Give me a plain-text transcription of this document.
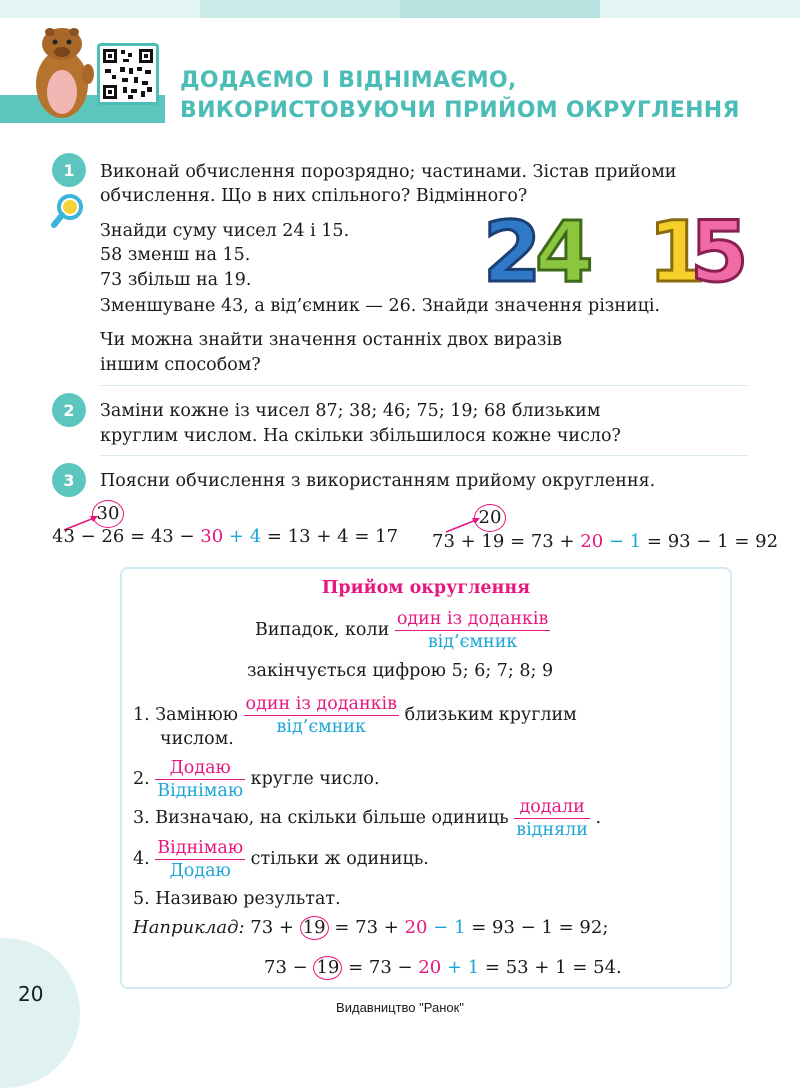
ДОДАЄМО І ВІДНІМАЄМО,
ВИКОРИСТОВУЮЧИ ПРИЙОМ ОКРУГЛЕННЯ
1	Виконай обчислення порозрядно; частинами. Зістав прийоми
обчислення. Що в них спільного? Відмінного?
Знайди суму чисел 24 і 15.
58 зменш на 15.
73 збільш на 19.
Зменшуване 43, а від’ємник — 26. Знайди значення різниці.
Чи можна знайти значення останніх двох виразів
іншим способом?
2
4 1
5
2	Заміни кожне із чисел 87; 38; 46; 75; 19; 68 близьким
круглим числом. На скільки збільшилося кожне число?
3	Поясни обчислення з використанням прийому округлення.
30
43 − 26 = 43 − 30 + 4 = 13 + 4 = 17
20
73 + 19 = 73 + 20 − 1 = 93 − 1 = 92
Прийом округлення
Випадок, коли $\frac{\text{один із доданків}}{\text{від’ємник}}$
закінчується цифрою 5; 6; 7; 8; 9
1. Замінюю $\frac{\text{один із доданків}}{\text{від’ємник}}$ близьким круглим
числом.
2. $\frac{\text{Додаю}}{\text{Віднімаю}}$ кругле число.
3. Визначаю, на скільки більше одиниць $\frac{\text{додали}}{\text{відняли}}$ .
4. $\frac{\text{Віднімаю}}{\text{Додаю}}$ стільки ж одиниць.
5. Називаю результат.
Наприклад: 73 + 19 = 73 + 20 − 1 = 93 − 1 = 92;
73 − 19 = 73 − 20 + 1 = 53 + 1 = 54.
20
Видавництво "Ранок"
